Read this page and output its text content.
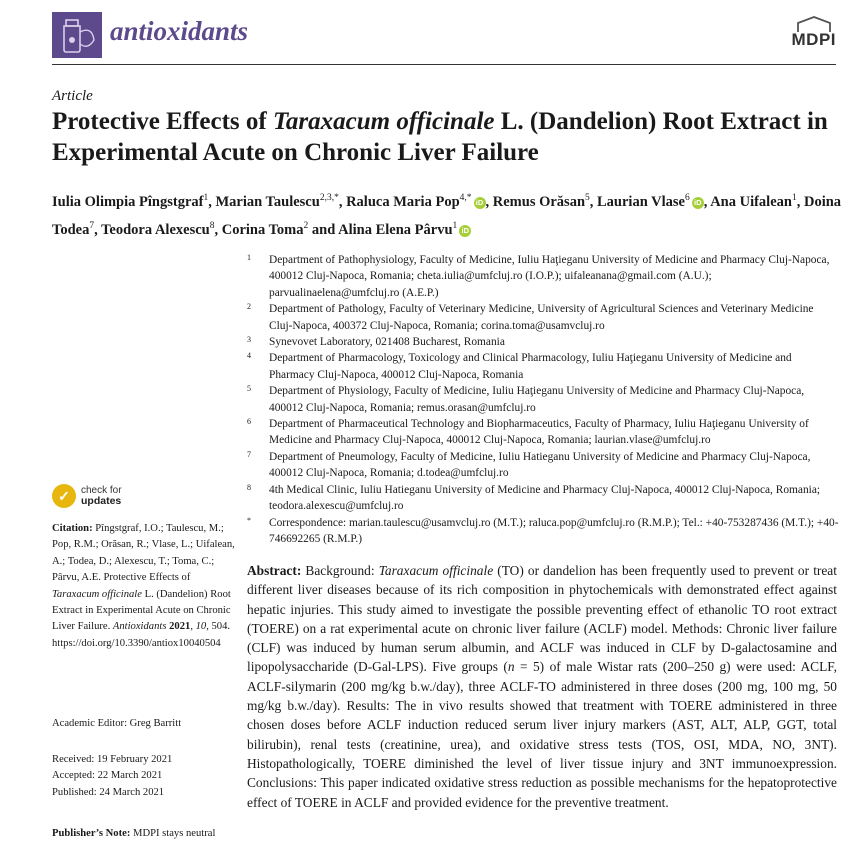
antioxidants	MDPI
Article
Protective Effects of Taraxacum officinale L. (Dandelion) Root Extract in Experimental Acute on Chronic Liver Failure
Iulia Olimpia Pîngstgraf$^1$, Marian Taulescu$^{2,3,*}$, Raluca Maria Pop$^{4,*}$ iD , Remus Orăsan$^5$, Laurian Vlase$^6$ iD , Ana Uifalean$^1$, Doina Todea$^7$, Teodora Alexescu$^8$, Corina Toma$^2$ and Alina Elena Pârvu$^1$ iD
1 Department of Pathophysiology, Faculty of Medicine, Iuliu Haţieganu University of Medicine and Pharmacy Cluj-Napoca, 400012 Cluj-Napoca, Romania; cheta.iulia@umfcluj.ro (I.O.P.); uifaleanana@gmail.com (A.U.); parvualinaelena@umfcluj.ro (A.E.P.)
2 Department of Pathology, Faculty of Veterinary Medicine, University of Agricultural Sciences and Veterinary Medicine Cluj-Napoca, 400372 Cluj-Napoca, Romania; corina.toma@usamvcluj.ro
3 Synevovet Laboratory, 021408 Bucharest, Romania
4 Department of Pharmacology, Toxicology and Clinical Pharmacology, Iuliu Haţieganu University of Medicine and Pharmacy Cluj-Napoca, 400012 Cluj-Napoca, Romania
5 Department of Physiology, Faculty of Medicine, Iuliu Haţieganu University of Medicine and Pharmacy Cluj-Napoca, 400012 Cluj-Napoca, Romania; remus.orasan@umfcluj.ro
6 Department of Pharmaceutical Technology and Biopharmaceutics, Faculty of Pharmacy, Iuliu Haţieganu University of Medicine and Pharmacy Cluj-Napoca, 400012 Cluj-Napoca, Romania; laurian.vlase@umfcluj.ro
7 Department of Pneumology, Faculty of Medicine, Iuliu Hatieganu University of Medicine and Pharmacy Cluj-Napoca, 400012 Cluj-Napoca, Romania; d.todea@umfcluj.ro
8 4th Medical Clinic, Iuliu Hatieganu University of Medicine and Pharmacy Cluj-Napoca, 400012 Cluj-Napoca, Romania; teodora.alexescu@umfcluj.ro
* Correspondence: marian.taulescu@usamvcluj.ro (M.T.); raluca.pop@umfcluj.ro (R.M.P.); Tel.: +40-753287436 (M.T.); +40-746692265 (R.M.P.)
✓	check for
updates
Citation: Pîngstgraf, I.O.; Taulescu, M.; Pop, R.M.; Orăsan, R.; Vlase, L.; Uifalean, A.; Todea, D.; Alexescu, T.; Toma, C.; Pârvu, A.E. Protective Effects of Taraxacum officinale L. (Dandelion) Root Extract in Experimental Acute on Chronic Liver Failure. Antioxidants 2021, 10, 504. https://doi.org/10.3390/antiox10040504
Academic Editor: Greg Barritt
Received: 19 February 2021
Accepted: 22 March 2021
Published: 24 March 2021
Publisher’s Note: MDPI stays neutral
Abstract: Background: Taraxacum officinale (TO) or dandelion has been frequently used to prevent or treat different liver diseases because of its rich composition in phytochemicals with demonstrated effect against hepatic injuries. This study aimed to investigate the possible preventing effect of ethanolic TO root extract (TOERE) on a rat experimental acute on chronic liver failure (ACLF) model. Methods: Chronic liver failure (CLF) was induced by human serum albumin, and ACLF was induced in CLF by D-galactosamine and lipopolysaccharide (D-Gal-LPS). Five groups (n = 5) of male Wistar rats (200–250 g) were used: ACLF, ACLF-silymarin (200 mg/kg b.w./day), three ACLF-TO administered in three doses (200 mg, 100 mg, 50 mg/kg b.w./day). Results: The in vivo results showed that treatment with TOERE administered in three chosen doses before ACLF induction reduced serum liver injury markers (AST, ALT, ALP, GGT, total bilirubin), renal tests (creatinine, urea), and oxidative stress tests (TOS, OSI, MDA, NO, 3NT). Histopathologically, TOERE diminished the level of liver tissue injury and 3NT immunoexpression. Conclusions: This paper indicated oxidative stress reduction as possible mechanisms for the hepatoprotective effect of TOERE in ACLF and provided evidence for the preventive treatment.
